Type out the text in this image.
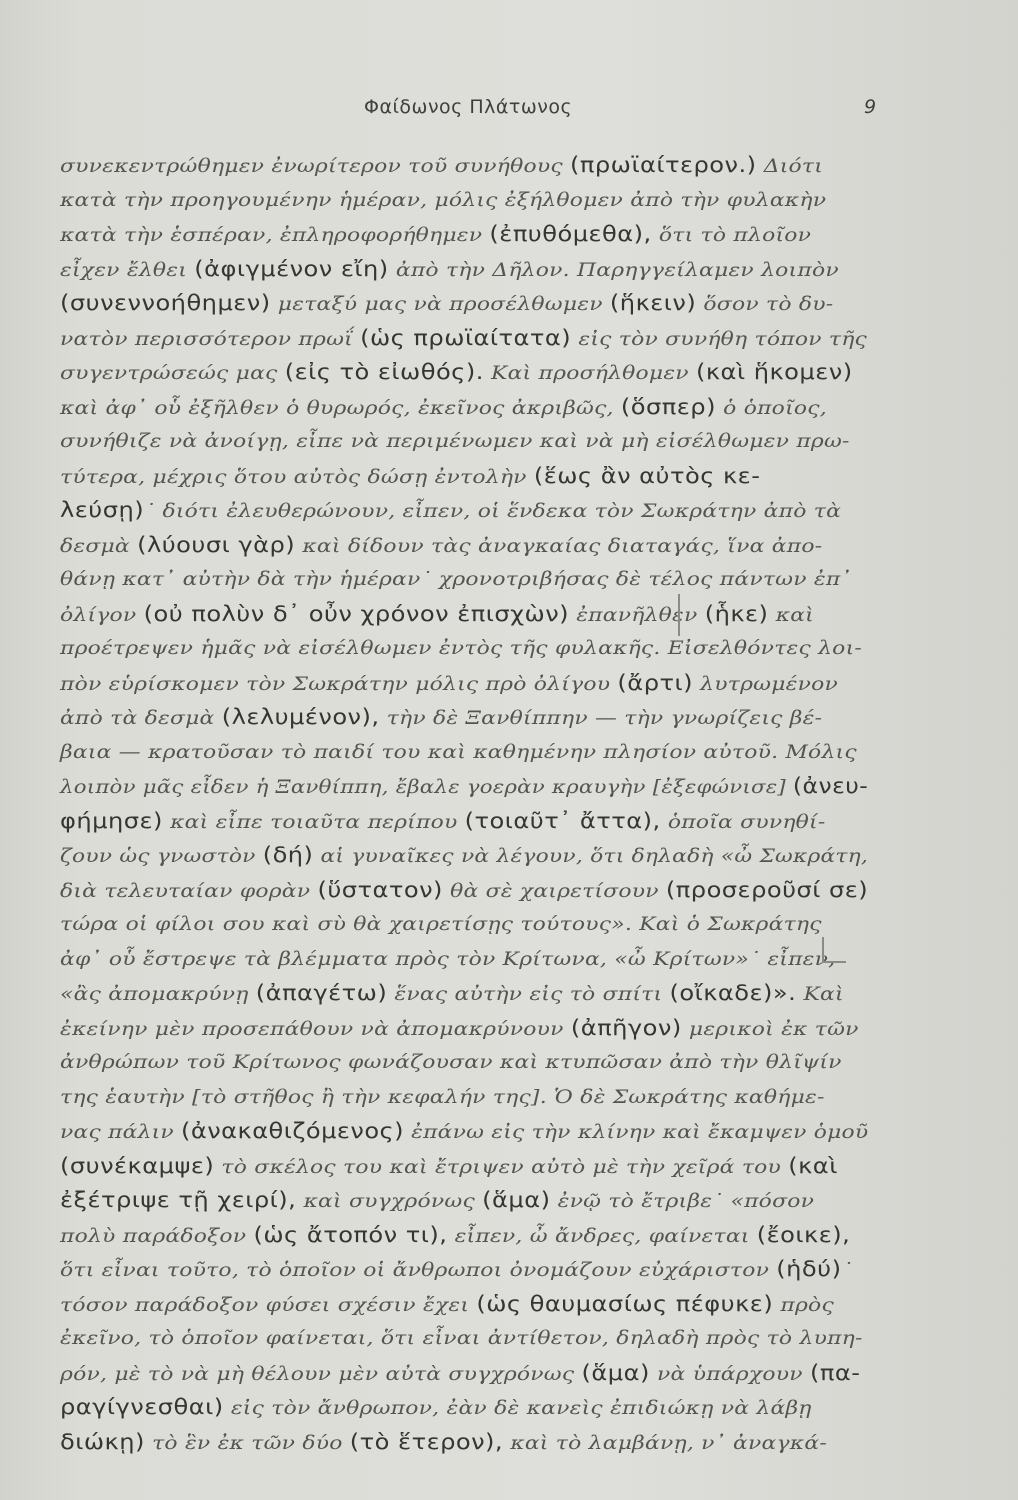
Φαίδωνος Πλάτωνος	9
συνεκεντρώθημεν ἐνωρίτερον τοῦ συνήθους (πρωϊαίτερον.) Διότι
κατὰ τὴν προηγουμένην ἡμέραν, μόλις ἐξήλθομεν ἀπὸ τὴν φυλακὴν
κατὰ τὴν ἑσπέραν, ἐπληροφορήθημεν (ἐπυθόμεθα), ὅτι τὸ πλοῖον
εἶχεν ἔλθει (ἀφιγμένον εἴη) ἀπὸ τὴν Δῆλον. Παρηγγείλαμεν λοιπὸν
(συνεννοήθημεν) μεταξύ μας νὰ προσέλθωμεν (ἥκειν) ὅσον τὸ δυ-
νατὸν περισσότερον πρωΐ (ὡς πρωϊαίτατα) εἰς τὸν συνήθη τόπον τῆς
συγεντρώσεώς μας (εἰς τὸ εἰωθός). Καὶ προσήλθομεν (καὶ ἥκομεν)
καὶ ἀφ᾽ οὗ ἐξῆλθεν ὁ θυρωρός, ἐκεῖνος ἀκριβῶς, (ὅσπερ) ὁ ὁποῖος,
συνήθιζε νὰ ἀνοίγῃ, εἶπε νὰ περιμένωμεν καὶ νὰ μὴ εἰσέλθωμεν πρω-
τύτερα, μέχρις ὅτου αὐτὸς δώσῃ ἐντολὴν (ἕως ἂν αὐτὸς κε-
λεύσῃ)˙ διότι ἐλευθερώνουν, εἶπεν, οἱ ἕνδεκα τὸν Σωκράτην ἀπὸ τὰ
δεσμὰ (λύουσι γὰρ) καὶ δίδουν τὰς ἀναγκαίας διαταγάς, ἵνα ἀπο-
θάνῃ κατ᾽ αὐτὴν δὰ τὴν ἡμέραν˙ χρονοτριβήσας δὲ τέλος πάντων ἐπ᾽
ὀλίγον (οὐ πολὺν δ᾽ οὖν χρόνον ἐπισχὼν) ἐπανῆλθεν (ἧκε) καὶ
προέτρεψεν ἡμᾶς νὰ εἰσέλθωμεν ἐντὸς τῆς φυλακῆς. Εἰσελθόντες λοι-
πὸν εὑρίσκομεν τὸν Σωκράτην μόλις πρὸ ὀλίγου (ἄρτι) λυτρωμένον
ἀπὸ τὰ δεσμὰ (λελυμένον), τὴν δὲ Ξανθίππην — τὴν γνωρίζεις βέ-
βαια — κρατοῦσαν τὸ παιδί του καὶ καθημένην πλησίον αὐτοῦ. Μόλις
λοιπὸν μᾶς εἶδεν ἡ Ξανθίππη, ἔβαλε γοερὰν κραυγὴν [ἐξεφώνισε] (ἀνευ-
φήμησε) καὶ εἶπε τοιαῦτα περίπου (τοιαῦτ᾽ ἄττα), ὁποῖα συνηθί-
ζουν ὡς γνωστὸν (δή) αἱ γυναῖκες νὰ λέγουν, ὅτι δηλαδὴ «ὦ Σωκράτη,
διὰ τελευταίαν φορὰν (ὕστατον) θὰ σὲ χαιρετίσουν (προσεροῦσί σε)
τώρα οἱ φίλοι σου καὶ σὺ θὰ χαιρετίσῃς τούτους». Καὶ ὁ Σωκράτης
ἀφ᾽ οὗ ἔστρεψε τὰ βλέμματα πρὸς τὸν Κρίτωνα, «ὦ Κρίτων»˙ εἶπεν,
«ἂς ἀπομακρύνῃ (ἀπαγέτω) ἕνας αὐτὴν εἰς τὸ σπίτι (οἴκαδε)». Καὶ
ἐκείνην μὲν προσεπάθουν νὰ ἀπομακρύνουν (ἀπῆγον) μερικοὶ ἐκ τῶν
ἀνθρώπων τοῦ Κρίτωνος φωνάζουσαν καὶ κτυπῶσαν ἀπὸ τὴν θλῖψίν
της ἑαυτὴν [τὸ στῆθος ἢ τὴν κεφαλήν της]. Ὁ δὲ Σωκράτης καθήμε-
νας πάλιν (ἀνακαθιζόμενος) ἐπάνω εἰς τὴν κλίνην καὶ ἔκαμψεν ὁμοῦ
(συνέκαμψε) τὸ σκέλος του καὶ ἔτριψεν αὐτὸ μὲ τὴν χεῖρά του (καὶ
ἐξέτριψε τῇ χειρί), καὶ συγχρόνως (ἅμα) ἐνῷ τὸ ἔτριβε˙ «πόσον
πολὺ παράδοξον (ὡς ἄτοπόν τι), εἶπεν, ὦ ἄνδρες, φαίνεται (ἔοικε),
ὅτι εἶναι τοῦτο, τὸ ὁποῖον οἱ ἄνθρωποι ὀνομάζουν εὐχάριστον (ἡδύ)˙
τόσον παράδοξον φύσει σχέσιν ἔχει (ὡς θαυμασίως πέφυκε) πρὸς
ἐκεῖνο, τὸ ὁποῖον φαίνεται, ὅτι εἶναι ἀντίθετον, δηλαδὴ πρὸς τὸ λυπη-
ρόν, μὲ τὸ νὰ μὴ θέλουν μὲν αὐτὰ συγχρόνως (ἅμα) νὰ ὑπάρχουν (πα-
ραγίγνεσθαι) εἰς τὸν ἄνθρωπον, ἐὰν δὲ κανεὶς ἐπιδιώκῃ νὰ λάβῃ
διώκῃ) τὸ ἓν ἐκ τῶν δύο (τὸ ἕτερον), καὶ τὸ λαμβάνῃ, ν᾽ ἀναγκά-
